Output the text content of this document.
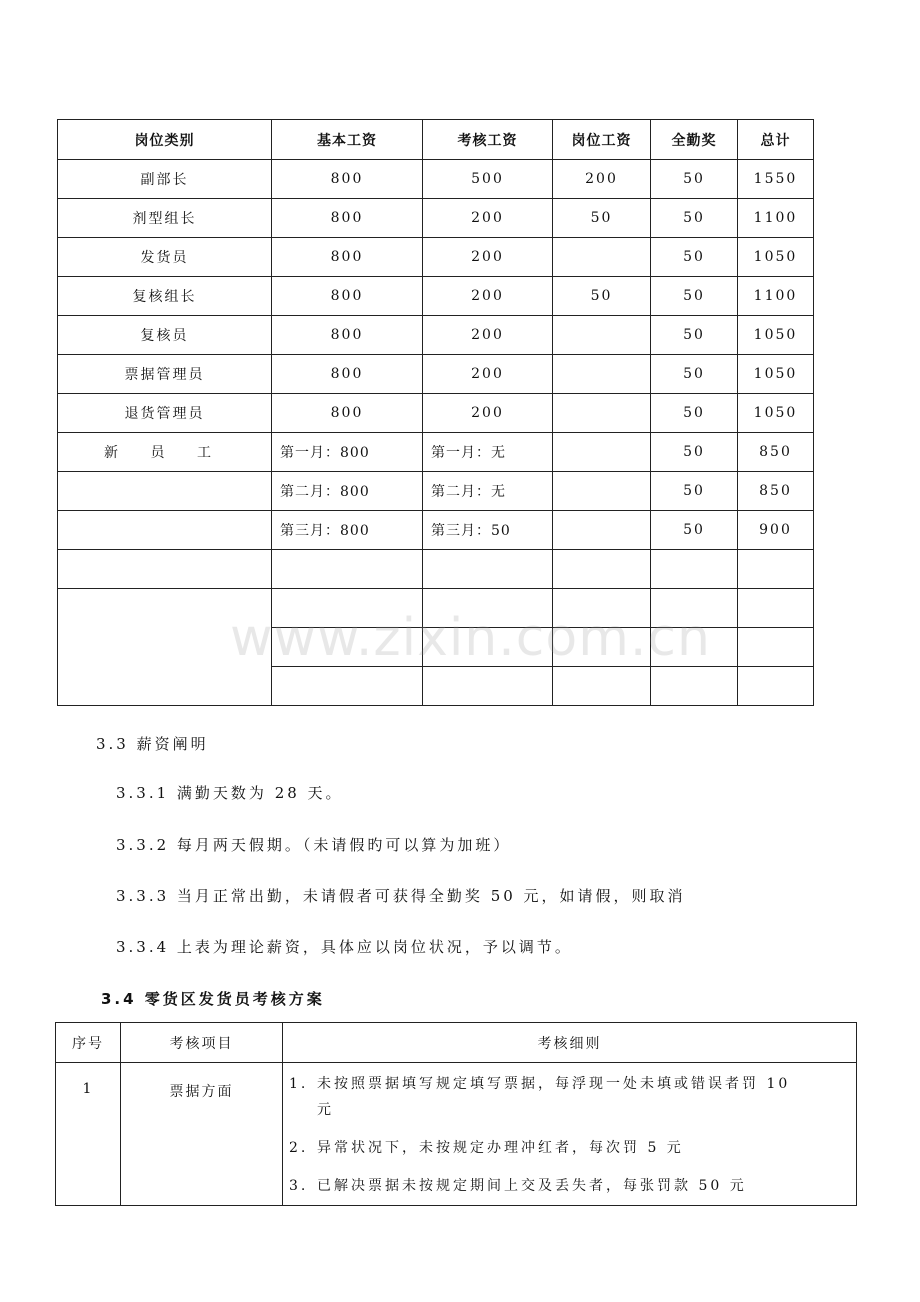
岗位类别	基本工资	考核工资	岗位工资	全勤奖	总计
副部长	800	500	200	50	1550
剂型组长	800	200	50	50	1100
发货员	800	200		50	1050
复核组长	800	200	50	50	1100
复核员	800	200		50	1050
票据管理员	800	200		50	1050
退货管理员	800	200		50	1050
新 员 工	第一月：800	第一月：无		50	850
	第二月：800	第二月：无		50	850
	第三月：800	第三月：50		50	900

www.zixin.com.cn
3.3 薪资阐明
3.3.1 满勤天数为 28 天。
3.3.2 每月两天假期。（未请假旳可以算为加班）
3.3.3 当月正常出勤，未请假者可获得全勤奖 50 元，如请假，则取消
3.3.4 上表为理论薪资，具体应以岗位状况，予以调节。
3.4 零货区发货员考核方案
序号	考核项目	考核细则
1	票据方面	1. 未按照票据填写规定填写票据，每浮现一处未填或错误者罚 10
元
2. 异常状况下，未按规定办理冲红者，每次罚 5 元
3. 已解决票据未按规定期间上交及丢失者，每张罚款 50 元
